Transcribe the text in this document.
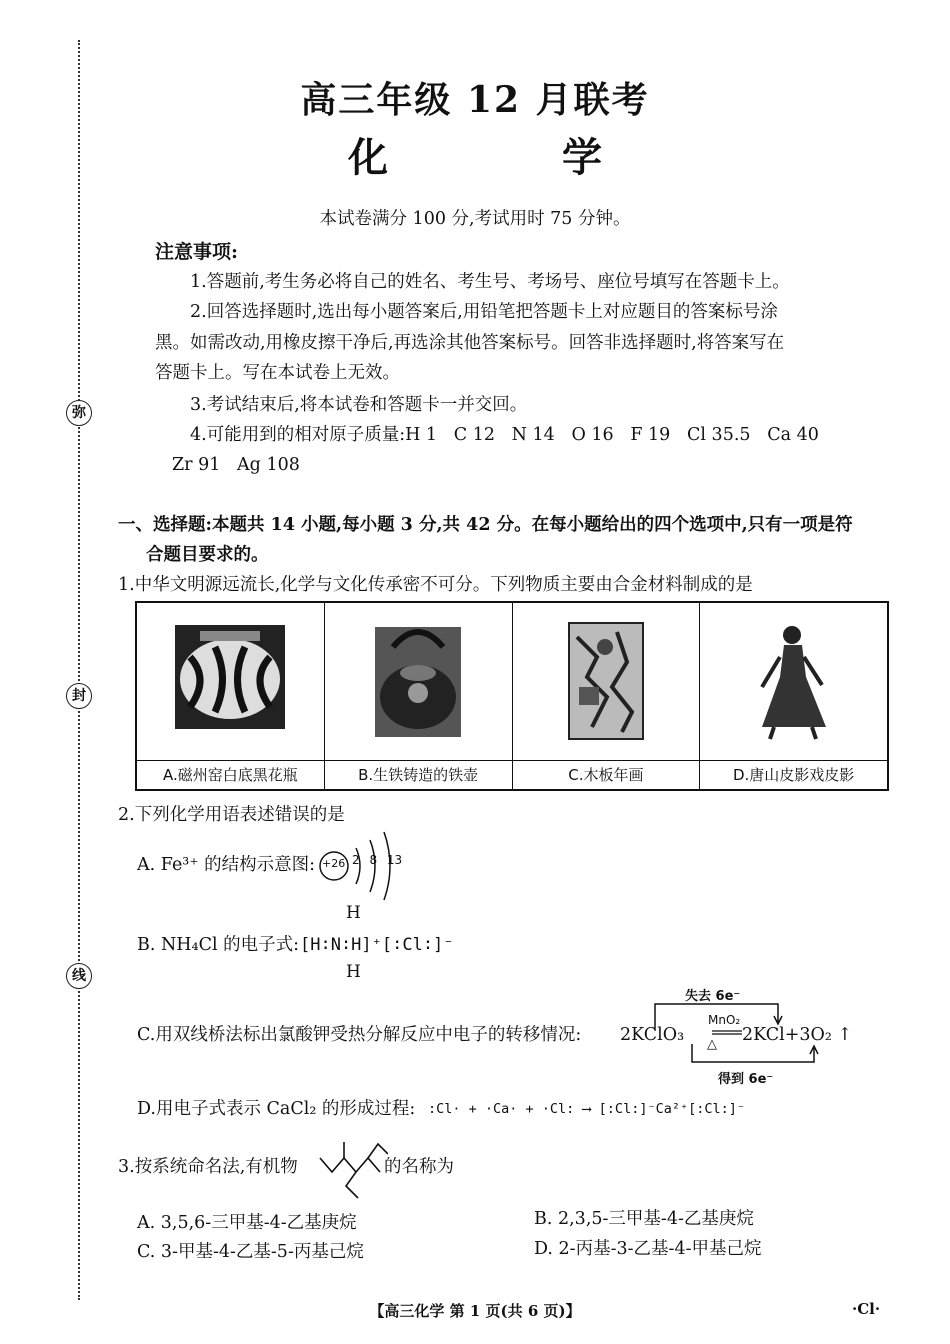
弥
封
线
高三年级 12 月联考
化 学
本试卷满分 100 分,考试用时 75 分钟。
注意事项:
1.答题前,考生务必将自己的姓名、考生号、考场号、座位号填写在答题卡上。
2.回答选择题时,选出每小题答案后,用铅笔把答题卡上对应题目的答案标号涂
黑。如需改动,用橡皮擦干净后,再选涂其他答案标号。回答非选择题时,将答案写在
答题卡上。写在本试卷上无效。
3.考试结束后,将本试卷和答题卡一并交回。
4.可能用到的相对原子质量:H 1   C 12   N 14   O 16   F 19   Cl 35.5   Ca 40
Zr 91   Ag 108
一、选择题:本题共 14 小题,每小题 3 分,共 42 分。在每小题给出的四个选项中,只有一项是符
合题目要求的。
1.中华文明源远流长,化学与文化传承密不可分。下列物质主要由合金材料制成的是
A.磁州窑白底黑花瓶	B.生铁铸造的铁壶	C.木板年画	D.唐山皮影戏皮影
2.下列化学用语表述错误的是
A. Fe³⁺ 的结构示意图: +26 2 8 13
B. NH₄Cl 的电子式:
H
[H∶N∶H]⁺[∶Cl∶]⁻
H
C.用双线桥法标出氯酸钾受热分解反应中电子的转移情况:
失去 6e⁻
MnO₂
△
2KClO₃	2KCl+3O₂ ↑
得到 6e⁻
D.用电子式表示 CaCl₂ 的形成过程: :Cl· + ·Ca· + ·Cl: ⟶ [:Cl:]⁻Ca²⁺[:Cl:]⁻
3.按系统命名法,有机物	的名称为
A. 3,5,6-三甲基-4-乙基庚烷	B. 2,3,5-三甲基-4-乙基庚烷
C. 3-甲基-4-乙基-5-丙基己烷	D. 2-丙基-3-乙基-4-甲基己烷
【高三化学 第 1 页(共 6 页)】	·Cl·
